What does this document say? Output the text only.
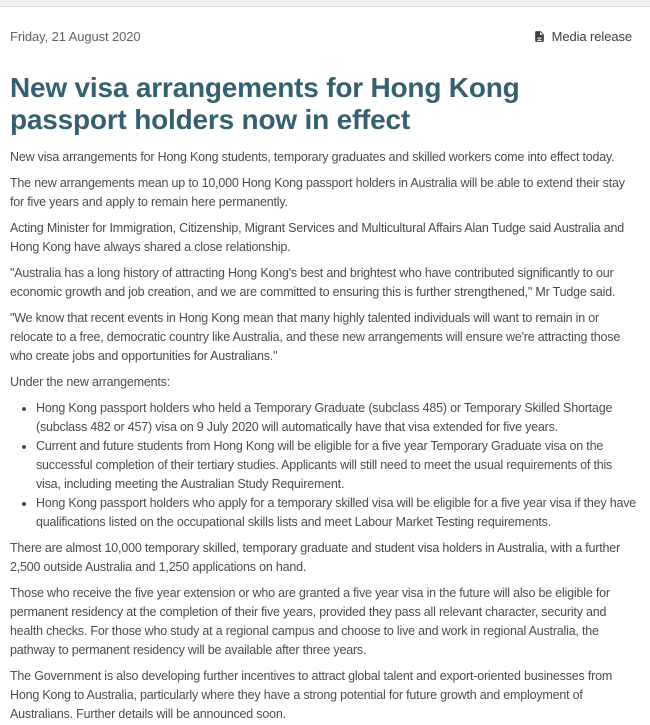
Friday, 21 August 2020	Media release
New visa arrangements for Hong Kong passport holders now in effect

New visa arrangements for Hong Kong students, temporary graduates and skilled workers come into effect today.

The new arrangements mean up to 10,000 Hong Kong passport holders in Australia will be able to extend their stay for five years and apply to remain here permanently.

Acting Minister for Immigration, Citizenship, Migrant Services and Multicultural Affairs Alan Tudge said Australia and Hong Kong have always shared a close relationship.

"Australia has a long history of attracting Hong Kong's best and brightest who have contributed significantly to our economic growth and job creation, and we are committed to ensuring this is further strengthened," Mr Tudge said.

"We know that recent events in Hong Kong mean that many highly talented individuals will want to remain in or relocate to a free, democratic country like Australia, and these new arrangements will ensure we're attracting those who create jobs and opportunities for Australians."

Under the new arrangements:

• Hong Kong passport holders who held a Temporary Graduate (subclass 485) or Temporary Skilled Shortage (subclass 482 or 457) visa on 9 July 2020 will automatically have that visa extended for five years.
• Current and future students from Hong Kong will be eligible for a five year Temporary Graduate visa on the successful completion of their tertiary studies. Applicants will still need to meet the usual requirements of this visa, including meeting the Australian Study Requirement.
• Hong Kong passport holders who apply for a temporary skilled visa will be eligible for a five year visa if they have qualifications listed on the occupational skills lists and meet Labour Market Testing requirements.

There are almost 10,000 temporary skilled, temporary graduate and student visa holders in Australia, with a further 2,500 outside Australia and 1,250 applications on hand.

Those who receive the five year extension or who are granted a five year visa in the future will also be eligible for permanent residency at the completion of their five years, provided they pass all relevant character, security and health checks. For those who study at a regional campus and choose to live and work in regional Australia, the pathway to permanent residency will be available after three years.

The Government is also developing further incentives to attract global talent and export-oriented businesses from Hong Kong to Australia, particularly where they have a strong potential for future growth and employment of Australians. Further details will be announced soon.
